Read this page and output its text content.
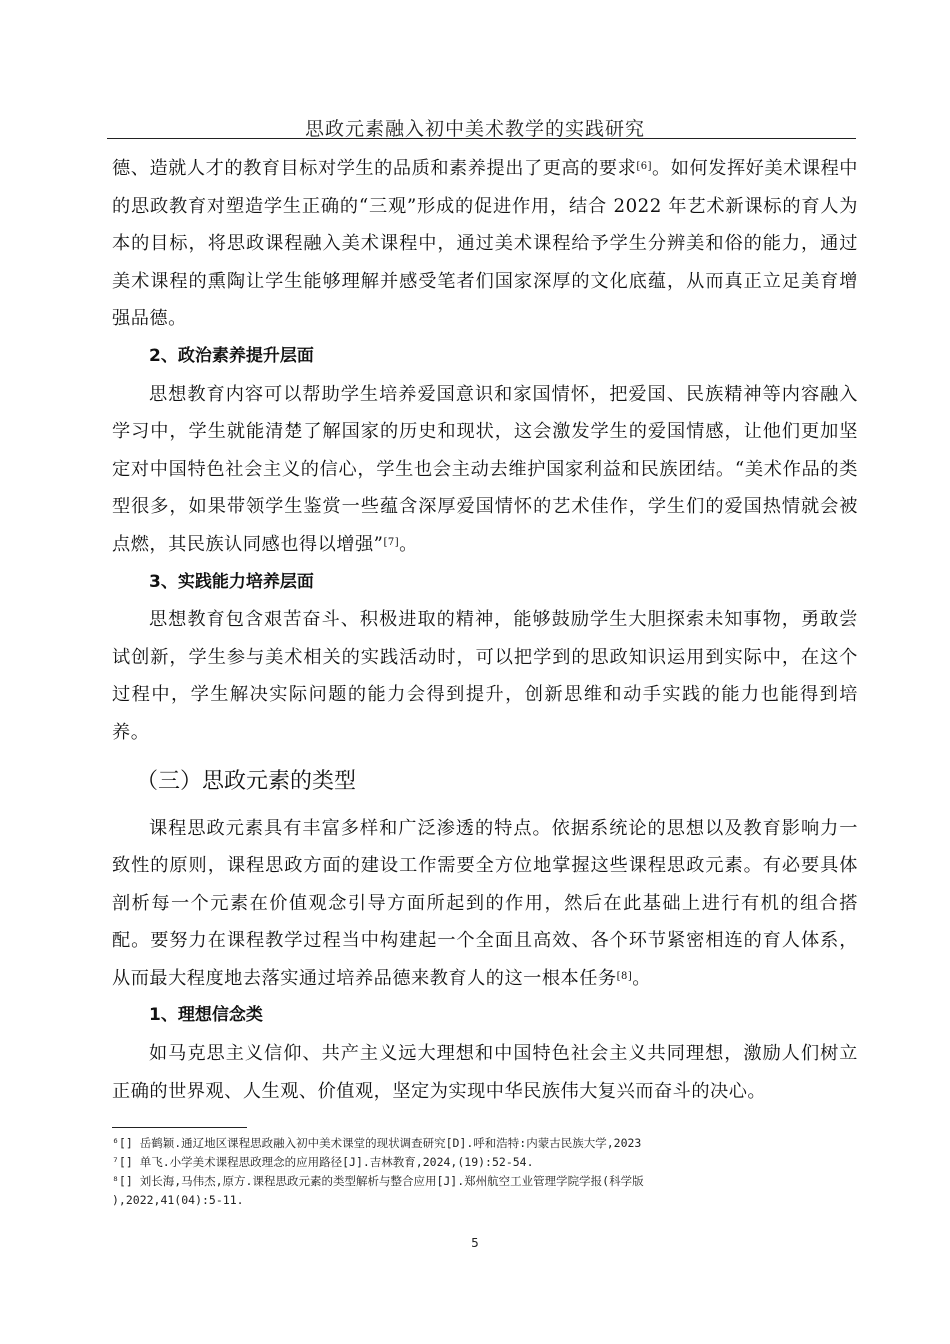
思政元素融入初中美术教学的实践研究

德、造就人才的教育目标对学生的品质和素养提出了更高的要求[6]。如何发挥好美术课程中的思政教育对塑造学生正确的“三观”形成的促进作用，结合 2022 年艺术新课标的育人为本的目标，将思政课程融入美术课程中，通过美术课程给予学生分辨美和俗的能力，通过美术课程的熏陶让学生能够理解并感受笔者们国家深厚的文化底蕴，从而真正立足美育增强品德。

2、政治素养提升层面

思想教育内容可以帮助学生培养爱国意识和家国情怀，把爱国、民族精神等内容融入学习中，学生就能清楚了解国家的历史和现状，这会激发学生的爱国情感，让他们更加坚定对中国特色社会主义的信心，学生也会主动去维护国家利益和民族团结。“美术作品的类型很多，如果带领学生鉴赏一些蕴含深厚爱国情怀的艺术佳作，学生们的爱国热情就会被点燃，其民族认同感也得以增强”[7]。

3、实践能力培养层面

思想教育包含艰苦奋斗、积极进取的精神，能够鼓励学生大胆探索未知事物，勇敢尝试创新，学生参与美术相关的实践活动时，可以把学到的思政知识运用到实际中，在这个过程中，学生解决实际问题的能力会得到提升，创新思维和动手实践的能力也能得到培养。

（三）思政元素的类型

课程思政元素具有丰富多样和广泛渗透的特点。依据系统论的思想以及教育影响力一致性的原则，课程思政方面的建设工作需要全方位地掌握这些课程思政元素。有必要具体剖析每一个元素在价值观念引导方面所起到的作用，然后在此基础上进行有机的组合搭配。要努力在课程教学过程当中构建起一个全面且高效、各个环节紧密相连的育人体系，从而最大程度地去落实通过培养品德来教育人的这一根本任务[8]。

1、理想信念类

如马克思主义信仰、共产主义远大理想和中国特色社会主义共同理想，激励人们树立正确的世界观、人生观、价值观，坚定为实现中华民族伟大复兴而奋斗的决心。

⁶[] 岳鹤颖.通辽地区课程思政融入初中美术课堂的现状调查研究[D].呼和浩特:内蒙古民族大学,2023
⁷[] 单飞.小学美术课程思政理念的应用路径[J].吉林教育,2024,(19):52-54.
⁸[] 刘长海,马伟杰,原方.课程思政元素的类型解析与整合应用[J].郑州航空工业管理学院学报(科学版
),2022,41(04):5-11.
5
